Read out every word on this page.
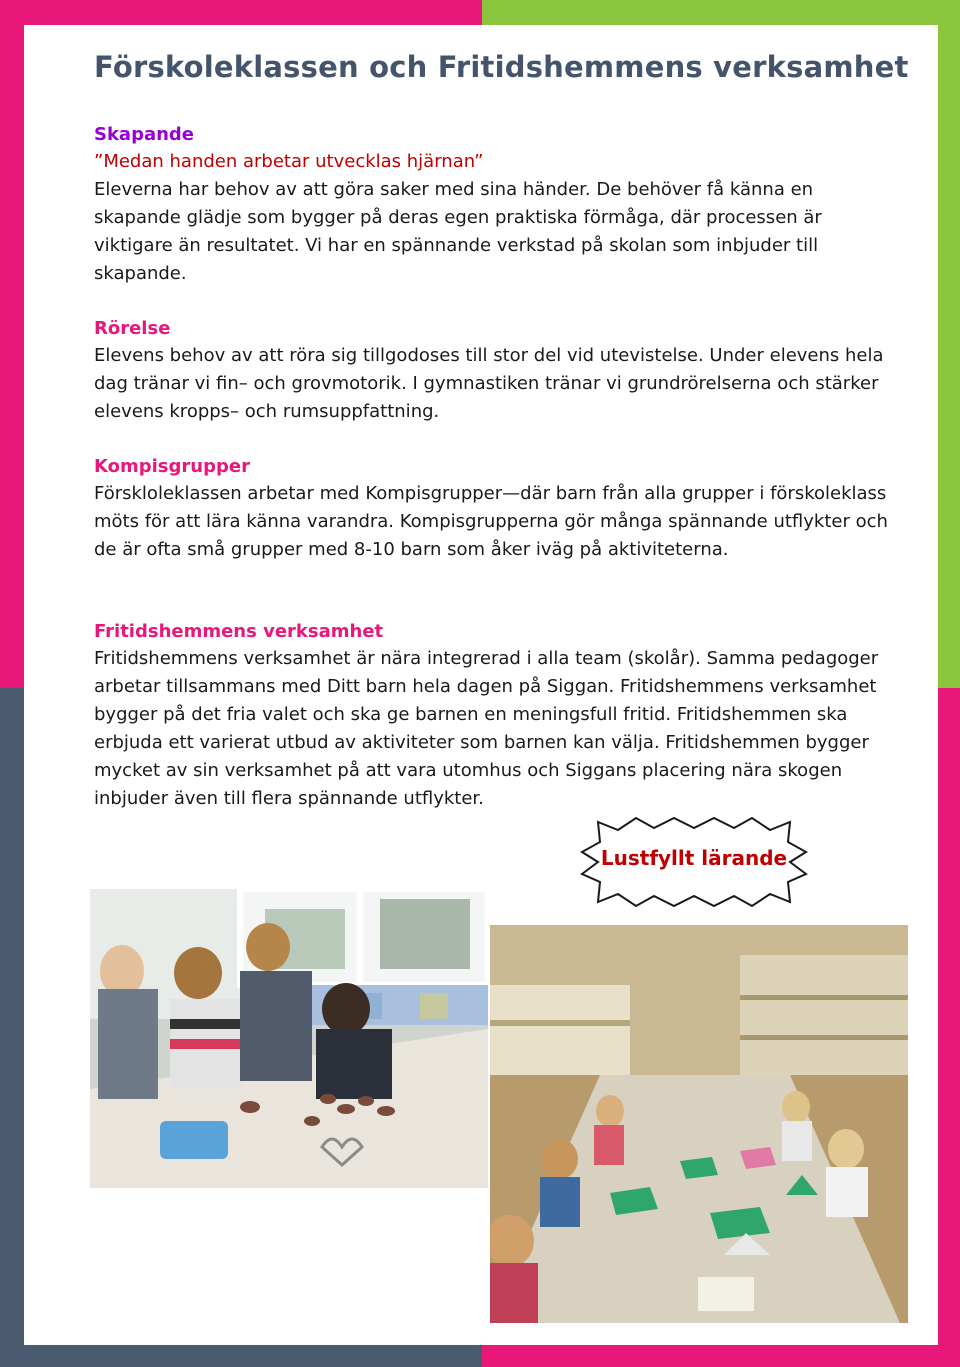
Förskoleklassen och Fritidshemmens verksamhet
Skapande

”Medan handen arbetar utvecklas hjärnan”

Eleverna har behov av att göra saker med sina händer. De behöver få känna en skapande glädje som bygger på deras egen praktiska förmåga, där processen är viktigare än resultatet. Vi har en spännande verkstad på skolan som inbjuder till skapande.

Rörelse

Elevens behov av att röra sig tillgodoses till stor del vid utevistelse. Under elevens hela dag tränar vi fin– och grovmotorik. I gymnastiken tränar vi grundrörelserna och stärker elevens kropps– och rumsuppfattning.

Kompisgrupper

Förskloleklassen arbetar med Kompisgrupper—där barn från alla grupper i förskoleklass möts för att lära känna varandra. Kompisgrupperna gör många spännande utflykter och de är ofta små grupper med 8-10 barn som åker iväg på aktiviteterna.

Fritidshemmens verksamhet

Fritidshemmens verksamhet är nära integrerad i alla team (skolår). Samma pedagoger arbetar tillsammans med Ditt barn hela dagen på Siggan. Fritidshemmens verksamhet bygger på det fria valet och ska ge barnen en meningsfull fritid. Fritidshemmen ska erbjuda ett varierat utbud av aktiviteter som barnen kan välja. Fritidshemmen bygger mycket av sin verksamhet på att vara utomhus och Siggans placering nära skogen inbjuder även till flera spännande utflykter.

Lustfyllt lärande
